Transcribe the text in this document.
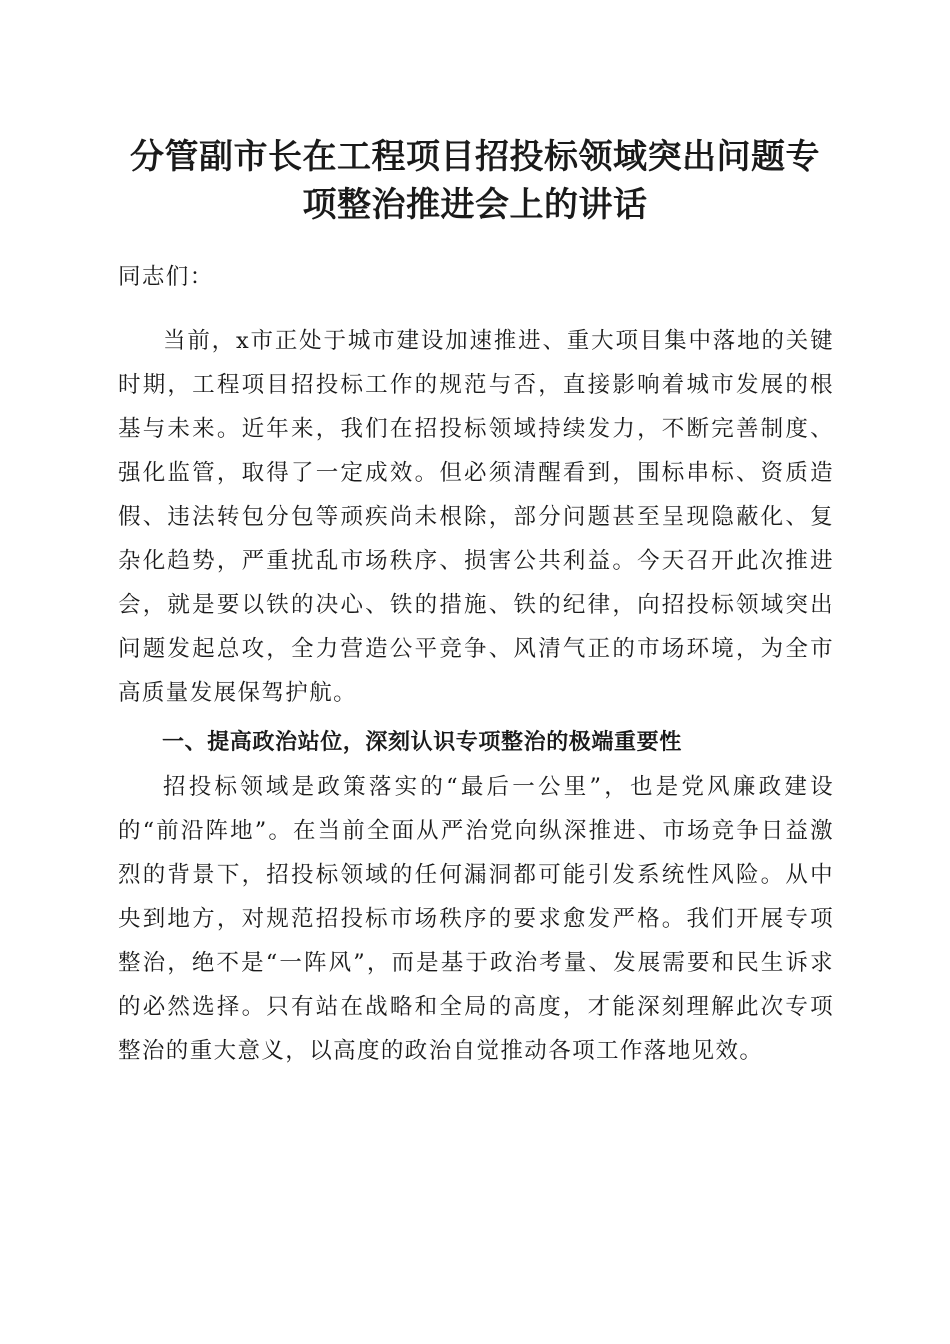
分管副市长在工程项目招投标领域突出问题专
项整治推进会上的讲话

同志们：

当前，x市正处于城市建设加速推进、重大项目集中落地的关键时期，工程项目招投标工作的规范与否，直接影响着城市发展的根基与未来。近年来，我们在招投标领域持续发力，不断完善制度、强化监管，取得了一定成效。但必须清醒看到，围标串标、资质造假、违法转包分包等顽疾尚未根除，部分问题甚至呈现隐蔽化、复杂化趋势，严重扰乱市场秩序、损害公共利益。今天召开此次推进会，就是要以铁的决心、铁的措施、铁的纪律，向招投标领域突出问题发起总攻，全力营造公平竞争、风清气正的市场环境，为全市高质量发展保驾护航。

一、提高政治站位，深刻认识专项整治的极端重要性

招投标领域是政策落实的“最后一公里”，也是党风廉政建设的“前沿阵地”。在当前全面从严治党向纵深推进、市场竞争日益激烈的背景下，招投标领域的任何漏洞都可能引发系统性风险。从中央到地方，对规范招投标市场秩序的要求愈发严格。我们开展专项整治，绝不是“一阵风”，而是基于政治考量、发展需要和民生诉求的必然选择。只有站在战略和全局的高度，才能深刻理解此次专项整治的重大意义，以高度的政治自觉推动各项工作落地见效。
